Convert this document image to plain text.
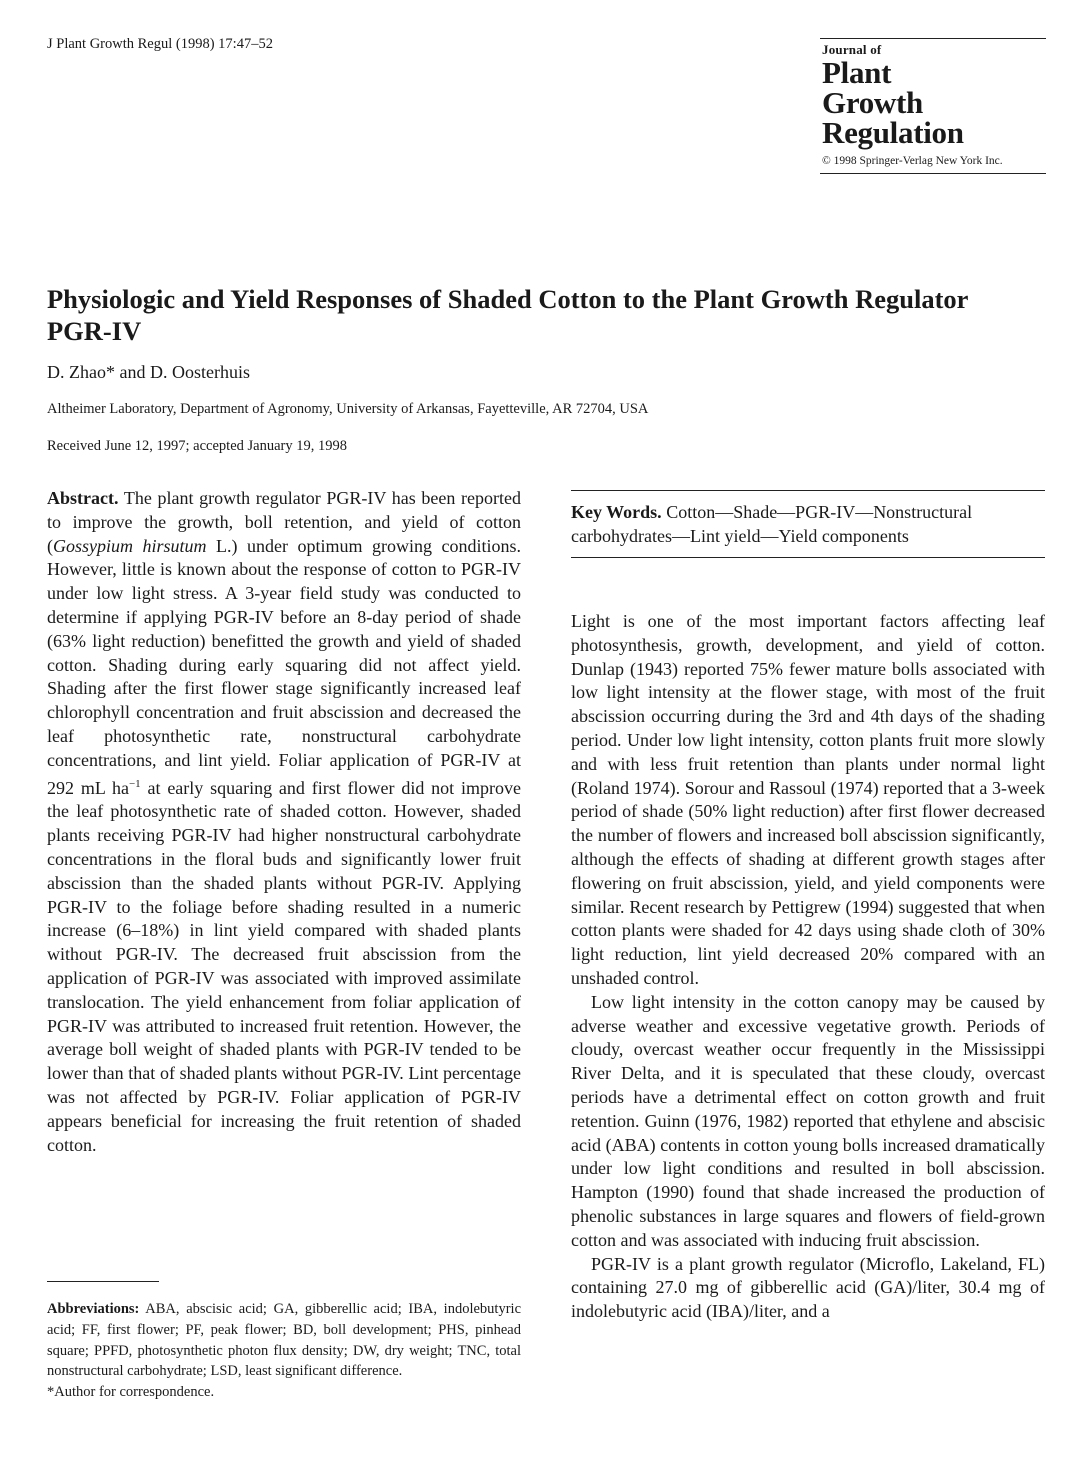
J Plant Growth Regul (1998) 17:47–52	Journal of
Plant
Growth
Regulation
© 1998 Springer-Verlag New York Inc.
Physiologic and Yield Responses of Shaded Cotton to the Plant Growth Regulator PGR-IV
D. Zhao* and D. Oosterhuis
Altheimer Laboratory, Department of Agronomy, University of Arkansas, Fayetteville, AR 72704, USA
Received June 12, 1997; accepted January 19, 1998

Abstract. The plant growth regulator PGR-IV has been reported to improve the growth, boll retention, and yield of cotton (Gossypium hirsutum L.) under optimum growing conditions. However, little is known about the response of cotton to PGR-IV under low light stress. A 3-year field study was conducted to determine if applying PGR-IV before an 8-day period of shade (63% light reduction) benefitted the growth and yield of shaded cotton. Shading during early squaring did not affect yield. Shading after the first flower stage significantly increased leaf chlorophyll concentration and fruit abscission and decreased the leaf photosynthetic rate, nonstructural carbohydrate concentrations, and lint yield. Foliar application of PGR-IV at 292 mL $ha^{-1}$ at early squaring and first flower did not improve the leaf photosynthetic rate of shaded cotton. However, shaded plants receiving PGR-IV had higher nonstructural carbohydrate concentrations in the floral buds and significantly lower fruit abscission than the shaded plants without PGR-IV. Applying PGR-IV to the foliage before shading resulted in a numeric increase (6–18%) in lint yield compared with shaded plants without PGR-IV. The decreased fruit abscission from the application of PGR-IV was associated with improved assimilate translocation. The yield enhancement from foliar application of PGR-IV was attributed to increased fruit retention. However, the average boll weight of shaded plants with PGR-IV tended to be lower than that of shaded plants without PGR-IV. Lint percentage was not affected by PGR-IV. Foliar application of PGR-IV appears beneficial for increasing the fruit retention of shaded cotton.

Key Words. Cotton—Shade—PGR-IV—Nonstructural carbohydrates—Lint yield—Yield components

Light is one of the most important factors affecting leaf photosynthesis, growth, development, and yield of cotton. Dunlap (1943) reported 75% fewer mature bolls associated with low light intensity at the flower stage, with most of the fruit abscission occurring during the 3rd and 4th days of the shading period. Under low light intensity, cotton plants fruit more slowly and with less fruit retention than plants under normal light (Roland 1974). Sorour and Rassoul (1974) reported that a 3-week period of shade (50% light reduction) after first flower decreased the number of flowers and increased boll abscission significantly, although the effects of shading at different growth stages after flowering on fruit abscission, yield, and yield components were similar. Recent research by Pettigrew (1994) suggested that when cotton plants were shaded for 42 days using shade cloth of 30% light reduction, lint yield decreased 20% compared with an unshaded control.

Low light intensity in the cotton canopy may be caused by adverse weather and excessive vegetative growth. Periods of cloudy, overcast weather occur frequently in the Mississippi River Delta, and it is speculated that these cloudy, overcast periods have a detrimental effect on cotton growth and fruit retention. Guinn (1976, 1982) reported that ethylene and abscisic acid (ABA) contents in cotton young bolls increased dramatically under low light conditions and resulted in boll abscission. Hampton (1990) found that shade increased the production of phenolic substances in large squares and flowers of field-grown cotton and was associated with inducing fruit abscission.

PGR-IV is a plant growth regulator (Microflo, Lakeland, FL) containing 27.0 mg of gibberellic acid (GA)/liter, 30.4 mg of indolebutyric acid (IBA)/liter, and a

Abbreviations: ABA, abscisic acid; GA, gibberellic acid; IBA, indolebutyric acid; FF, first flower; PF, peak flower; BD, boll development; PHS, pinhead square; PPFD, photosynthetic photon flux density; DW, dry weight; TNC, total nonstructural carbohydrate; LSD, least significant difference.

*Author for correspondence.
